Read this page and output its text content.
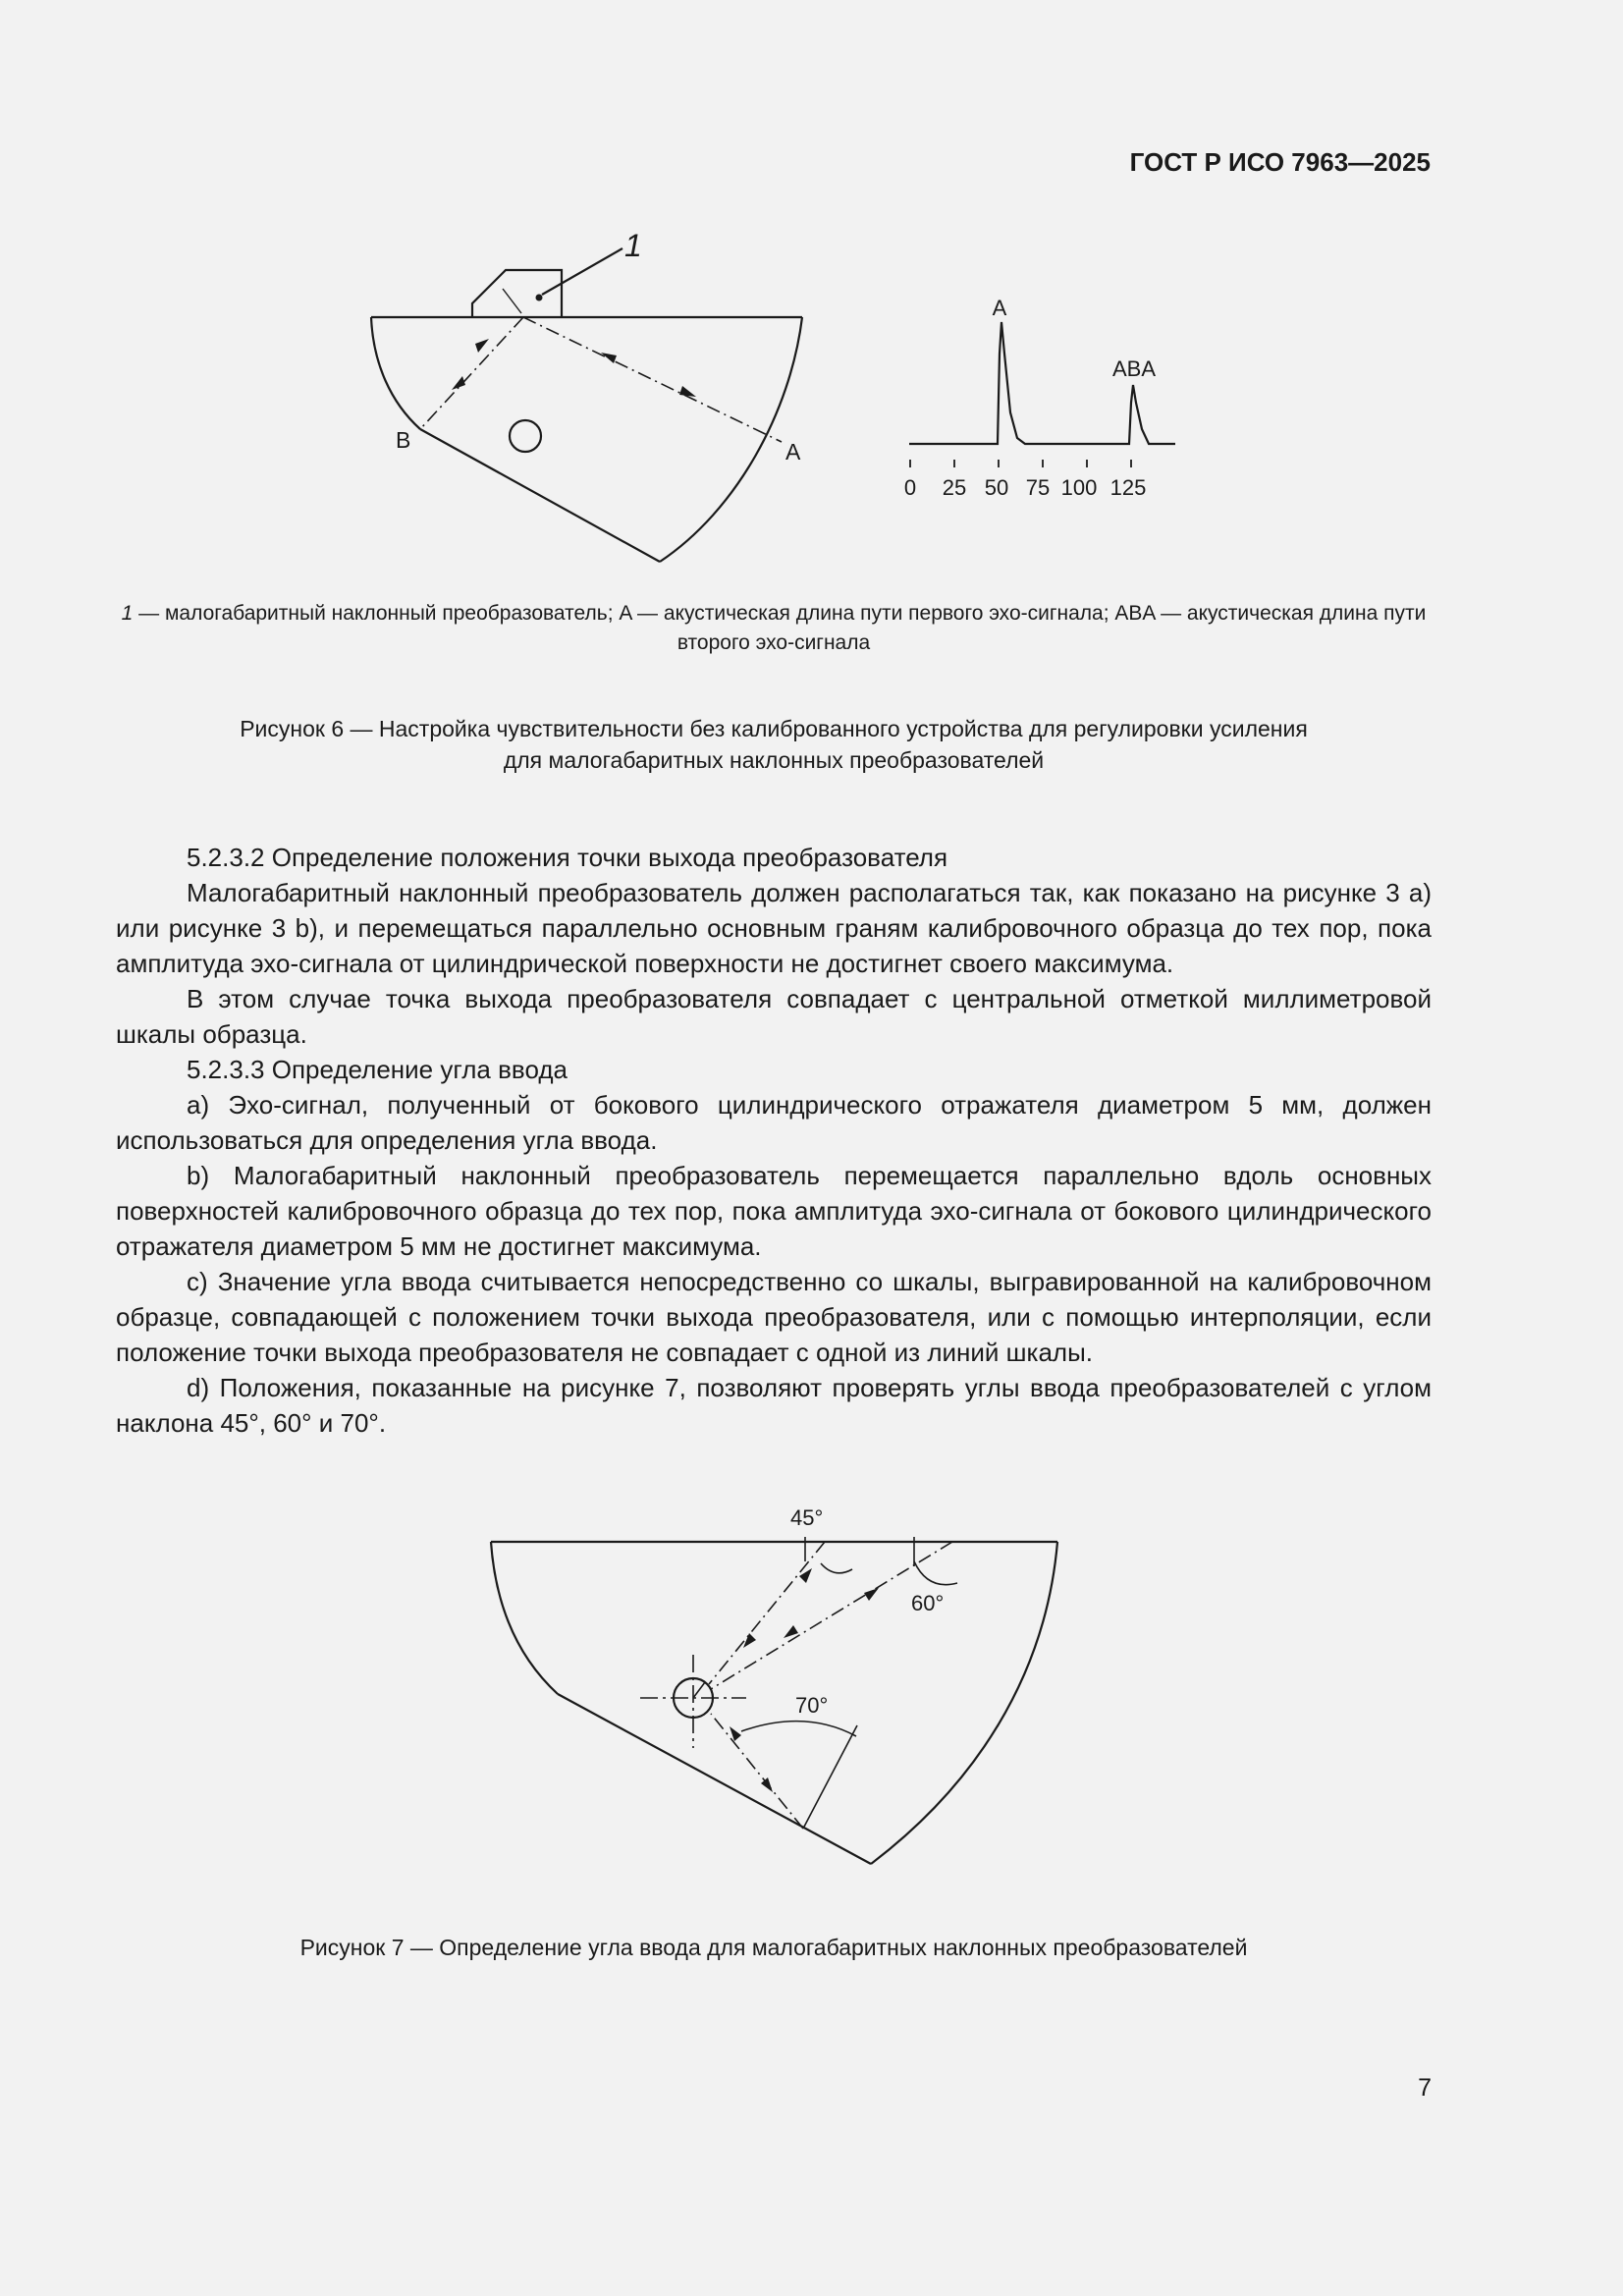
ГОСТ Р ИСО 7963—2025
1
B	A
0 25 50 75 100 125
A
ABA
1 — малогабаритный наклонный преобразователь; A — акустическая длина пути первого эхо-сигнала; ABA — акустическая длина пути второго эхо-сигнала
Рисунок 6 — Настройка чувствительности без калиброванного устройства для регулировки усиления
для малогабаритных наклонных преобразователей

5.2.3.2 Определение положения точки выхода преобразователя

Малогабаритный наклонный преобразователь должен располагаться так, как показано на рисунке 3 a) или рисунке 3 b), и перемещаться параллельно основным граням калибровочного образца до тех пор, пока амплитуда эхо-сигнала от цилиндрической поверхности не достигнет своего максимума.

В этом случае точка выхода преобразователя совпадает с центральной отметкой миллиметровой шкалы образца.

5.2.3.3 Определение угла ввода

a) Эхо-сигнал, полученный от бокового цилиндрического отражателя диаметром 5 мм, должен использоваться для определения угла ввода.

b) Малогабаритный наклонный преобразователь перемещается параллельно вдоль основных поверхностей калибровочного образца до тех пор, пока амплитуда эхо-сигнала от бокового цилиндрического отражателя диаметром 5 мм не достигнет максимума.

c) Значение угла ввода считывается непосредственно со шкалы, выгравированной на калибровочном образце, совпадающей с положением точки выхода преобразователя, или с помощью интерполяции, если положение точки выхода преобразователя не совпадает с одной из линий шкалы.

d) Положения, показанные на рисунке 7, позволяют проверять углы ввода преобразователей с углом наклона 45°, 60° и 70°.

45°
60°
70°
Рисунок 7 — Определение угла ввода для малогабаритных наклонных преобразователей
7
